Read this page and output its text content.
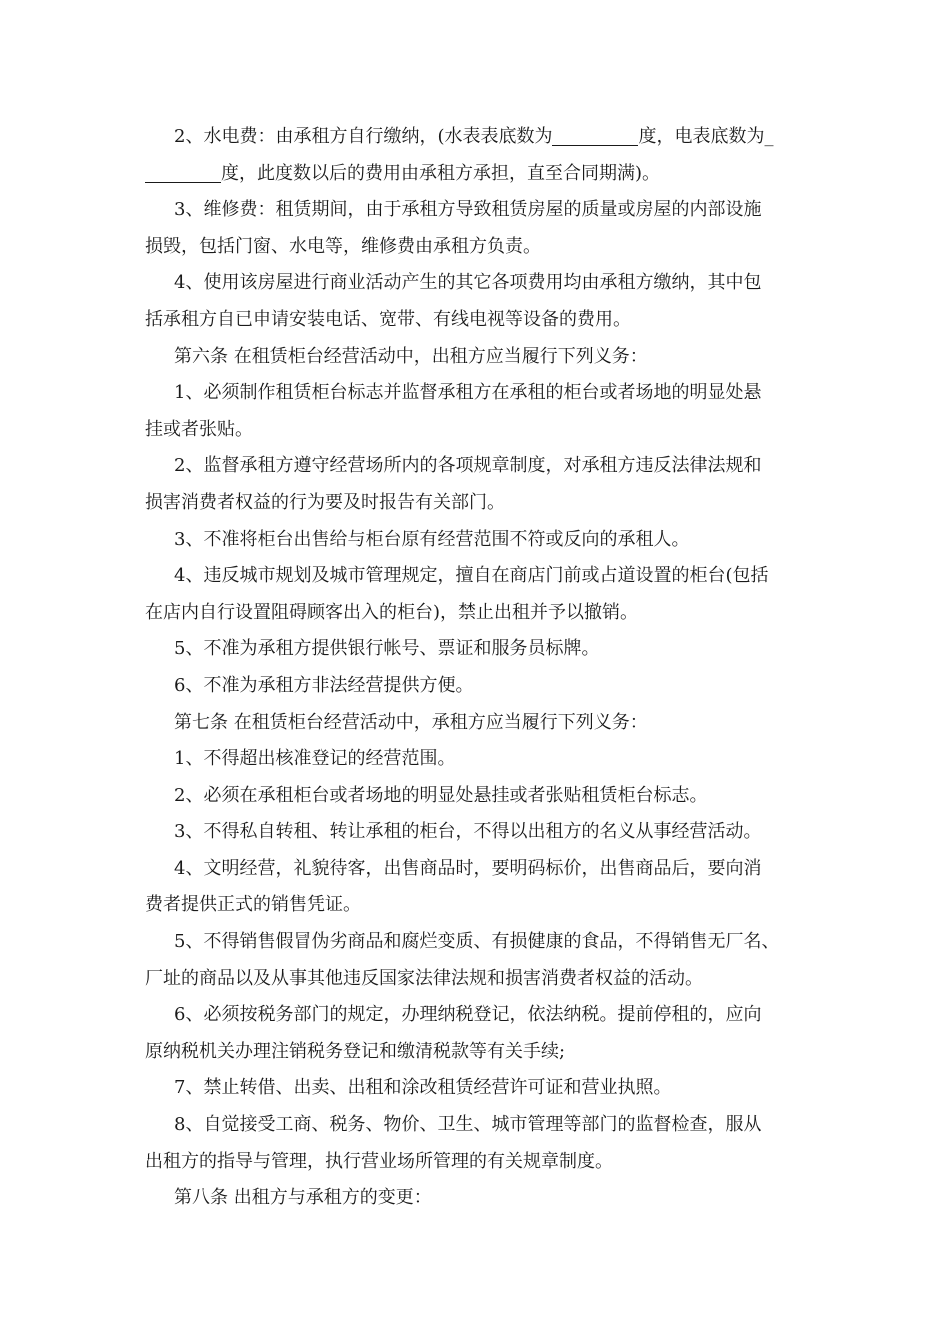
2、水电费：由承租方自行缴纳，(水表表底数为	度，电表底数为_
度，此度数以后的费用由承租方承担，直至合同期满)。
3、维修费：租赁期间，由于承租方导致租赁房屋的质量或房屋的内部设施
损毁，包括门窗、水电等，维修费由承租方负责。
4、使用该房屋进行商业活动产生的其它各项费用均由承租方缴纳，其中包
括承租方自已申请安装电话、宽带、有线电视等设备的费用。
第六条 在租赁柜台经营活动中，出租方应当履行下列义务：
1、必须制作租赁柜台标志并监督承租方在承租的柜台或者场地的明显处悬
挂或者张贴。
2、监督承租方遵守经营场所内的各项规章制度，对承租方违反法律法规和
损害消费者权益的行为要及时报告有关部门。
3、不准将柜台出售给与柜台原有经营范围不符或反向的承租人。
4、违反城市规划及城市管理规定，擅自在商店门前或占道设置的柜台(包括
在店内自行设置阻碍顾客出入的柜台)，禁止出租并予以撤销。
5、不准为承租方提供银行帐号、票证和服务员标牌。
6、不准为承租方非法经营提供方便。
第七条 在租赁柜台经营活动中，承租方应当履行下列义务：
1、不得超出核准登记的经营范围。
2、必须在承租柜台或者场地的明显处悬挂或者张贴租赁柜台标志。
3、不得私自转租、转让承租的柜台，不得以出租方的名义从事经营活动。
4、文明经营，礼貌待客，出售商品时，要明码标价，出售商品后，要向消
费者提供正式的销售凭证。
5、不得销售假冒伪劣商品和腐烂变质、有损健康的食品，不得销售无厂名、
厂址的商品以及从事其他违反国家法律法规和损害消费者权益的活动。
6、必须按税务部门的规定，办理纳税登记，依法纳税。提前停租的，应向
原纳税机关办理注销税务登记和缴清税款等有关手续;
7、禁止转借、出卖、出租和涂改租赁经营许可证和营业执照。
8、自觉接受工商、税务、物价、卫生、城市管理等部门的监督检查，服从
出租方的指导与管理，执行营业场所管理的有关规章制度。
第八条 出租方与承租方的变更：
